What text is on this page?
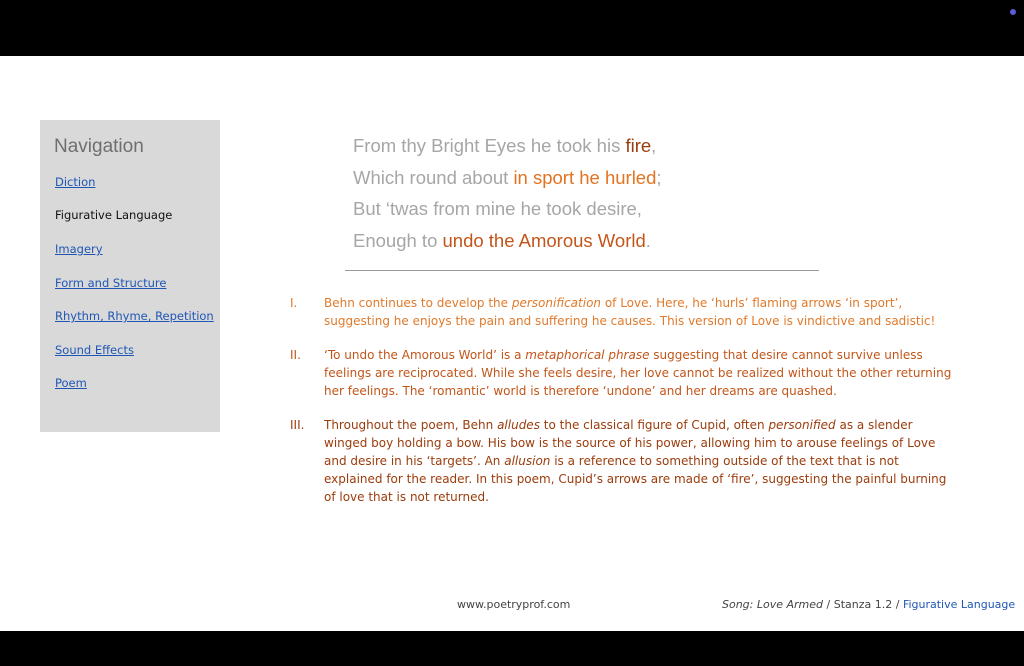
Navigation
Diction
Figurative Language
Imagery
Form and Structure
Rhythm, Rhyme, Repetition
Sound Effects
Poem
From thy Bright Eyes he took his fire,
Which round about in sport he hurled;
But ‘twas from mine he took desire,
Enough to undo the Amorous World.
I.	Behn continues to develop the personification of Love. Here, he ‘hurls’ flaming arrows ‘in sport’, suggesting he enjoys the pain and suffering he causes. This version of Love is vindictive and sadistic!
II.	‘To undo the Amorous World’ is a metaphorical phrase suggesting that desire cannot survive unless feelings are reciprocated. While she feels desire, her love cannot be realized without the other returning her feelings. The ‘romantic’ world is therefore ‘undone’ and her dreams are quashed.
III.	Throughout the poem, Behn alludes to the classical figure of Cupid, often personified as a slender winged boy holding a bow. His bow is the source of his power, allowing him to arouse feelings of Love and desire in his ‘targets’. An allusion is a reference to something outside of the text that is not explained for the reader. In this poem, Cupid’s arrows are made of ‘fire’, suggesting the painful burning of love that is not returned.
www.poetryprof.com	Song: Love Armed / Stanza 1.2 / Figurative Language
